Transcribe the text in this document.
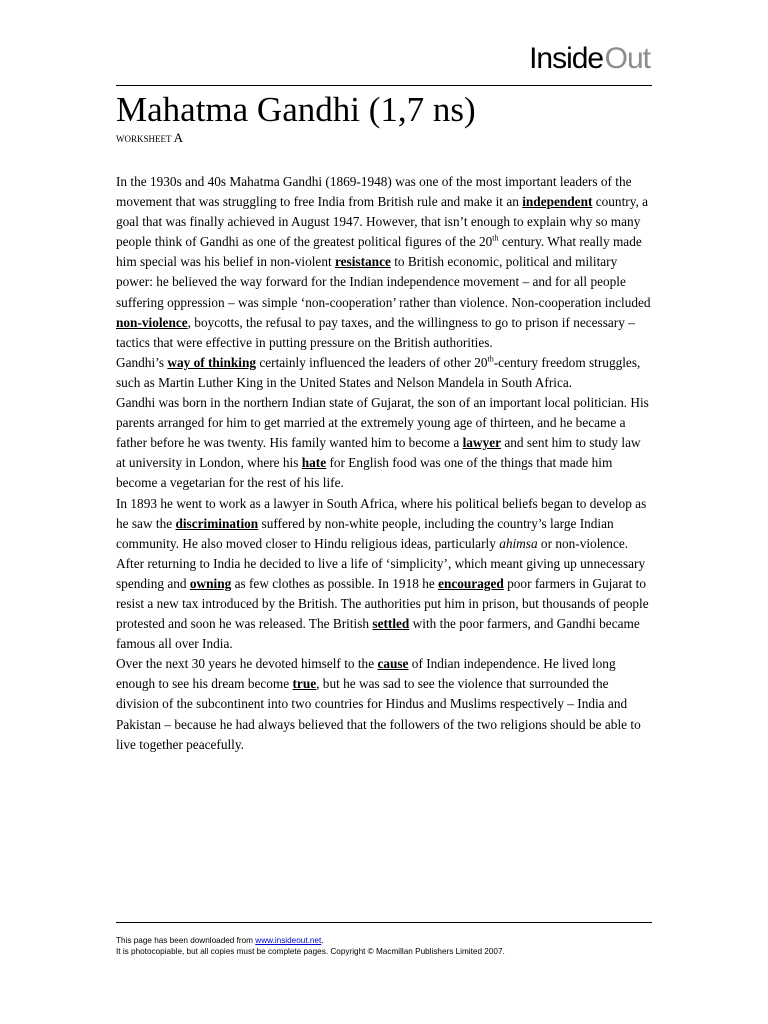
Inside Out
Mahatma Gandhi (1,7 ns)
WORKSHEET A

In the 1930s and 40s Mahatma Gandhi (1869-1948) was one of the most important leaders of the movement that was struggling to free India from British rule and make it an independent country, a goal that was finally achieved in August 1947. However, that isn’t enough to explain why so many people think of Gandhi as one of the greatest political figures of the 20th century. What really made him special was his belief in non-violent resistance to British economic, political and military power: he believed the way forward for the Indian independence movement – and for all people suffering oppression – was simple ‘non-cooperation’ rather than violence. Non-cooperation included non-violence, boycotts, the refusal to pay taxes, and the willingness to go to prison if necessary – tactics that were effective in putting pressure on the British authorities.

Gandhi’s way of thinking certainly influenced the leaders of other 20th-century freedom struggles, such as Martin Luther King in the United States and Nelson Mandela in South Africa.

Gandhi was born in the northern Indian state of Gujarat, the son of an important local politician. His parents arranged for him to get married at the extremely young age of thirteen, and he became a father before he was twenty. His family wanted him to become a lawyer and sent him to study law at university in London, where his hate for English food was one of the things that made him become a vegetarian for the rest of his life.

In 1893 he went to work as a lawyer in South Africa, where his political beliefs began to develop as he saw the discrimination suffered by non-white people, including the country’s large Indian community. He also moved closer to Hindu religious ideas, particularly ahimsa or non-violence.

After returning to India he decided to live a life of ‘simplicity’, which meant giving up unnecessary spending and owning as few clothes as possible. In 1918 he encouraged poor farmers in Gujarat to resist a new tax introduced by the British. The authorities put him in prison, but thousands of people protested and soon he was released. The British settled with the poor farmers, and Gandhi became famous all over India.

Over the next 30 years he devoted himself to the cause of Indian independence. He lived long enough to see his dream become true, but he was sad to see the violence that surrounded the division of the subcontinent into two countries for Hindus and Muslims respectively – India and Pakistan – because he had always believed that the followers of the two religions should be able to live together peacefully.

This page has been downloaded from www.insideout.net.
It is photocopiable, but all copies must be complete pages. Copyright © Macmillan Publishers Limited 2007.
